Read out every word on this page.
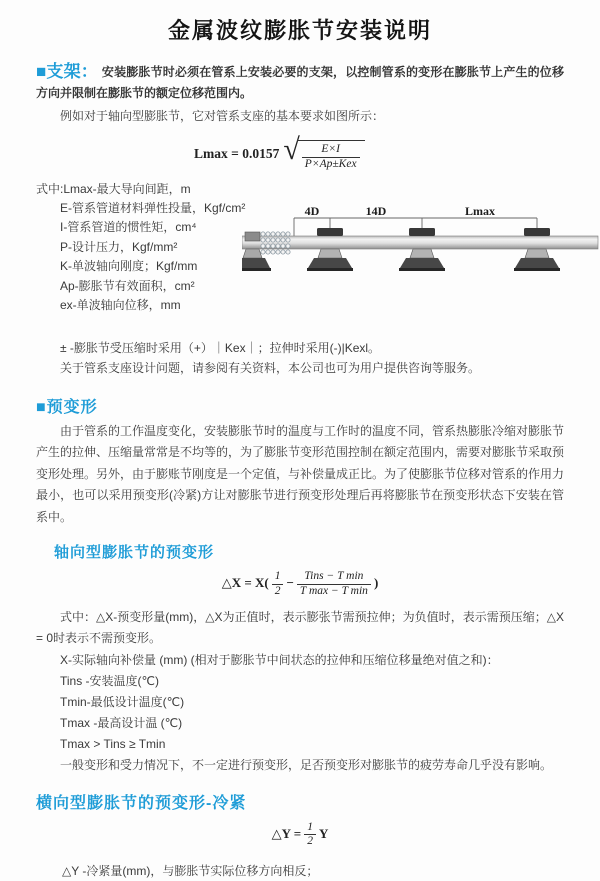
金属波纹膨胀节安装说明
■支架： 安装膨胀节时必须在管系上安装必要的支架，以控制管系的变形在膨胀节上产生的位移方向并限制在膨胀节的额定位移范围内。
例如对于轴向型膨胀节，它对管系支座的基本要求如图所示：
Lmax = 0.0157 √ $\frac{E\times I}{\text{P×Ap±Kex}}$
式中:Lmax-最大导向间距，m
E-管系管道材料弹性投量，Kgf/cm²
I-管系管道的惯性矩，cm⁴
P-设计压力，Kgf/mm²
K-单波轴向刚度；Kgf/mm
Ap-膨胀节有效面积，cm²
ex-单波轴向位移，mm
4D	14D	Lmax
± -膨胀节受压缩时采用（+）｜Kex｜；拉伸时采用(-)|Kexl。
关于管系支座设计问题，请参阅有关资料，本公司也可为用户提供咨询等服务。
■预变形
由于管系的工作温度变化，安装膨胀节时的温度与工作时的温度不同，管系热膨胀冷缩对膨胀节产生的拉伸、压缩量常常是不均等的，为了膨胀节变形范围控制在额定范围内，需要对膨胀节采取预变形处理。另外，由于膨账节刚度是一个定值，与补偿量成正比。为了使膨胀节位移对管系的作用力最小，也可以采用预变形(冷紧)方让对膨胀节进行预变形处理后再将膨胀节在预变形状态下安装在管系中。
轴向型膨胀节的预变形
△X = $X( \frac{1}{2} - \frac{\text{Tins − T min}}{\text{T max − T min}}$ )
式中：△X-预变形量(mm)，△X为正值时，表示膨张节需预拉伸；为负值时，表示需预压缩；△X = 0时表示不需预变形。
X-实际轴向补偿量 (mm) (相对于膨胀节中间状态的拉伸和压缩位移量绝对值之和)：
Tins -安装温度(℃)
Tmin-最低设计温度(℃)
Tmax -最高设计温 (℃)
Tmax > Tins ≥ Tmin
一般变形和受力情况下，不一定进行预变形，足否预变形对膨胀节的疲劳寿命几乎没有影响。
横向型膨胀节的预变形-冷紧
△Y = $\frac{1}{2}$ Y
△Y -冷紧量(mm)，与膨胀节实际位移方向相反；
